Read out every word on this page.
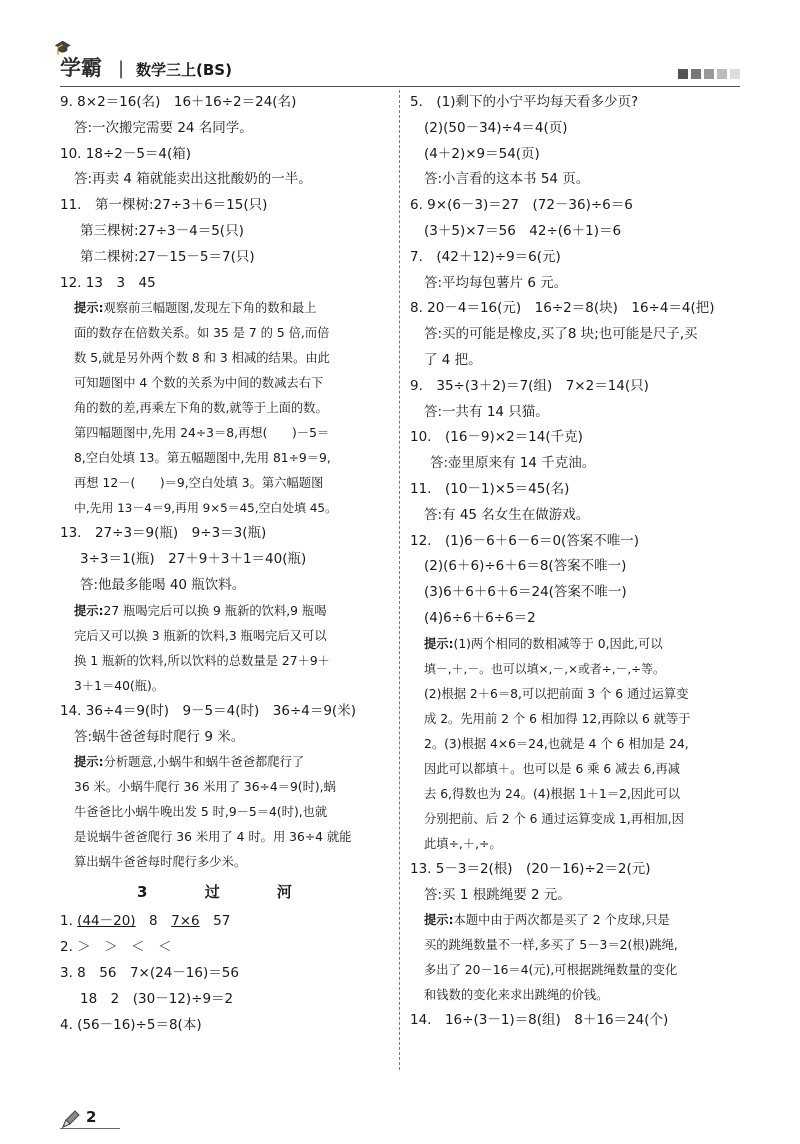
🎓
学霸 | 数学三上(BS)
9. 8×2＝16(名)　16＋16÷2＝24(名)
答:一次搬完需要 24 名同学。
10. 18÷2－5＝4(箱)
答:再卖 4 箱就能卖出这批酸奶的一半。
11.　第一棵树:27÷3＋6＝15(只)
第三棵树:27÷3－4＝5(只)
第二棵树:27－15－5＝7(只)
12. 13　3　45
提示:观察前三幅题图,发现左下角的数和最上
面的数存在倍数关系。如 35 是 7 的 5 倍,而倍
数 5,就是另外两个数 8 和 3 相减的结果。由此
可知题图中 4 个数的关系为中间的数减去右下
角的数的差,再乘左下角的数,就等于上面的数。
第四幅题图中,先用 24÷3＝8,再想(　　)－5＝
8,空白处填 13。第五幅题图中,先用 81÷9＝9,
再想 12－(　　)＝9,空白处填 3。第六幅题图
中,先用 13－4＝9,再用 9×5＝45,空白处填 45。
13.　27÷3＝9(瓶)　9÷3＝3(瓶)
3÷3＝1(瓶)　27＋9＋3＋1＝40(瓶)
答:他最多能喝 40 瓶饮料。
提示:27 瓶喝完后可以换 9 瓶新的饮料,9 瓶喝
完后又可以换 3 瓶新的饮料,3 瓶喝完后又可以
换 1 瓶新的饮料,所以饮料的总数量是 27＋9＋
3＋1＝40(瓶)。
14. 36÷4＝9(时)　9－5＝4(时)　36÷4＝9(米)
答:蜗牛爸爸每时爬行 9 米。
提示:分析题意,小蜗牛和蜗牛爸爸都爬行了
36 米。小蜗牛爬行 36 米用了 36÷4＝9(时),蜗
牛爸爸比小蜗牛晚出发 5 时,9－5＝4(时),也就
是说蜗牛爸爸爬行 36 米用了 4 时。用 36÷4 就能
算出蜗牛爸爸每时爬行多少米。
3 过 河
1. (44－20)　8　7×6　57
2. ＞　＞　＜　＜
3. 8　56　7×(24－16)＝56
18　2　(30－12)÷9＝2
4. (56－16)÷5＝8(本)
5.　(1)剩下的小宁平均每天看多少页?
(2)(50－34)÷4＝4(页)
(4＋2)×9＝54(页)
答:小言看的这本书 54 页。
6. 9×(6－3)＝27　(72－36)÷6＝6
(3＋5)×7＝56　42÷(6＋1)＝6
7.　(42＋12)÷9＝6(元)
答:平均每包薯片 6 元。
8. 20－4＝16(元)　16÷2＝8(块)　16÷4＝4(把)
答:买的可能是橡皮,买了8 块;也可能是尺子,买
了 4 把。
9.　35÷(3＋2)＝7(组)　7×2＝14(只)
答:一共有 14 只猫。
10.　(16－9)×2＝14(千克)
答:壶里原来有 14 千克油。
11.　(10－1)×5＝45(名)
答:有 45 名女生在做游戏。
12.　(1)6－6＋6－6＝0(答案不唯一)
(2)(6＋6)÷6＋6＝8(答案不唯一)
(3)6＋6＋6＋6＝24(答案不唯一)
(4)6÷6＋6÷6＝2
提示:(1)两个相同的数相减等于 0,因此,可以
填－,＋,－。也可以填×,－,×或者÷,－,÷等。
(2)根据 2＋6＝8,可以把前面 3 个 6 通过运算变
成 2。先用前 2 个 6 相加得 12,再除以 6 就等于
2。(3)根据 4×6＝24,也就是 4 个 6 相加是 24,
因此可以都填＋。也可以是 6 乘 6 减去 6,再减
去 6,得数也为 24。(4)根据 1＋1＝2,因此可以
分别把前、后 2 个 6 通过运算变成 1,再相加,因
此填÷,＋,÷。
13. 5－3＝2(根)　(20－16)÷2＝2(元)
答:买 1 根跳绳要 2 元。
提示:本题中由于两次都是买了 2 个皮球,只是
买的跳绳数量不一样,多买了 5－3＝2(根)跳绳,
多出了 20－16＝4(元),可根据跳绳数量的变化
和钱数的变化来求出跳绳的价钱。
14.　16÷(3－1)＝8(组)　8＋16＝24(个)
2
